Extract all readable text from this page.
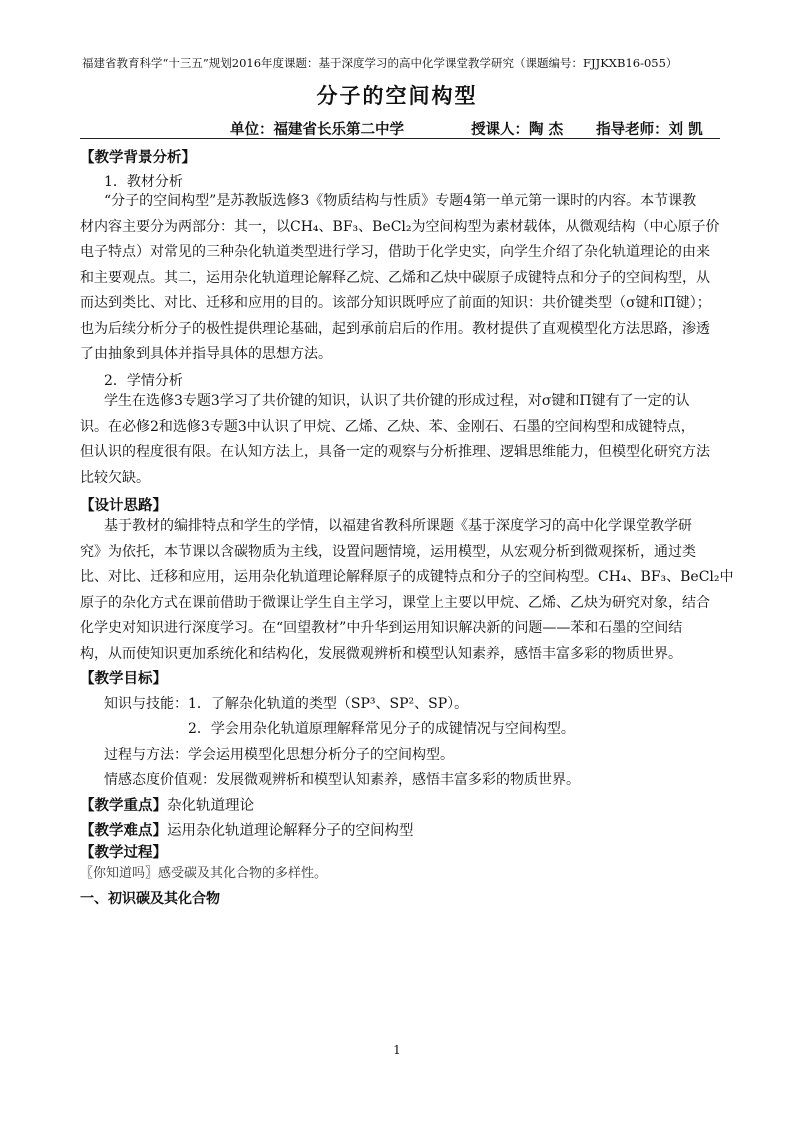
福建省教育科学“十三五”规划2016年度课题：基于深度学习的高中化学课堂教学研究（课题编号：FJJKXB16-055）
分子的空间构型
单位：福建省长乐第二中学	授课人：陶 杰 指导老师：刘 凯
【教学背景分析】
1．教材分析
“分子的空间构型”是苏教版选修3《物质结构与性质》专题4第一单元第一课时的内容。本节课教
材内容主要分为两部分：其一，以CH₄、BF₃、BeCl₂为空间构型为素材载体，从微观结构（中心原子价
电子特点）对常见的三种杂化轨道类型进行学习，借助于化学史实，向学生介绍了杂化轨道理论的由来
和主要观点。其二，运用杂化轨道理论解释乙烷、乙烯和乙炔中碳原子成键特点和分子的空间构型，从
而达到类比、对比、迁移和应用的目的。该部分知识既呼应了前面的知识：共价键类型（σ键和Π键）；
也为后续分析分子的极性提供理论基础，起到承前启后的作用。教材提供了直观模型化方法思路，渗透
了由抽象到具体并指导具体的思想方法。
2．学情分析
学生在选修3专题3学习了共价键的知识，认识了共价键的形成过程，对σ键和Π键有了一定的认
识。在必修2和选修3专题3中认识了甲烷、乙烯、乙炔、苯、金刚石、石墨的空间构型和成键特点，
但认识的程度很有限。在认知方法上，具备一定的观察与分析推理、逻辑思维能力，但模型化研究方法
比较欠缺。
【设计思路】
基于教材的编排特点和学生的学情，以福建省教科所课题《基于深度学习的高中化学课堂教学研
究》为依托，本节课以含碳物质为主线，设置问题情境，运用模型，从宏观分析到微观探析，通过类
比、对比、迁移和应用，运用杂化轨道理论解释原子的成键特点和分子的空间构型。CH₄、BF₃、BeCl₂中
原子的杂化方式在课前借助于微课让学生自主学习，课堂上主要以甲烷、乙烯、乙炔为研究对象，结合
化学史对知识进行深度学习。在“回望教材”中升华到运用知识解决新的问题——苯和石墨的空间结
构，从而使知识更加系统化和结构化，发展微观辨析和模型认知素养，感悟丰富多彩的物质世界。
【教学目标】
知识与技能： 1．了解杂化轨道的类型（SP³、SP²、SP）。
2．学会用杂化轨道原理解释常见分子的成键情况与空间构型。
过程与方法：学会运用模型化思想分析分子的空间构型。
情感态度价值观：发展微观辨析和模型认知素养，感悟丰富多彩的物质世界。
【教学重点】杂化轨道理论
【教学难点】运用杂化轨道理论解释分子的空间构型
【教学过程】
〖你知道吗〗感受碳及其化合物的多样性。
一、初识碳及其化合物
1
